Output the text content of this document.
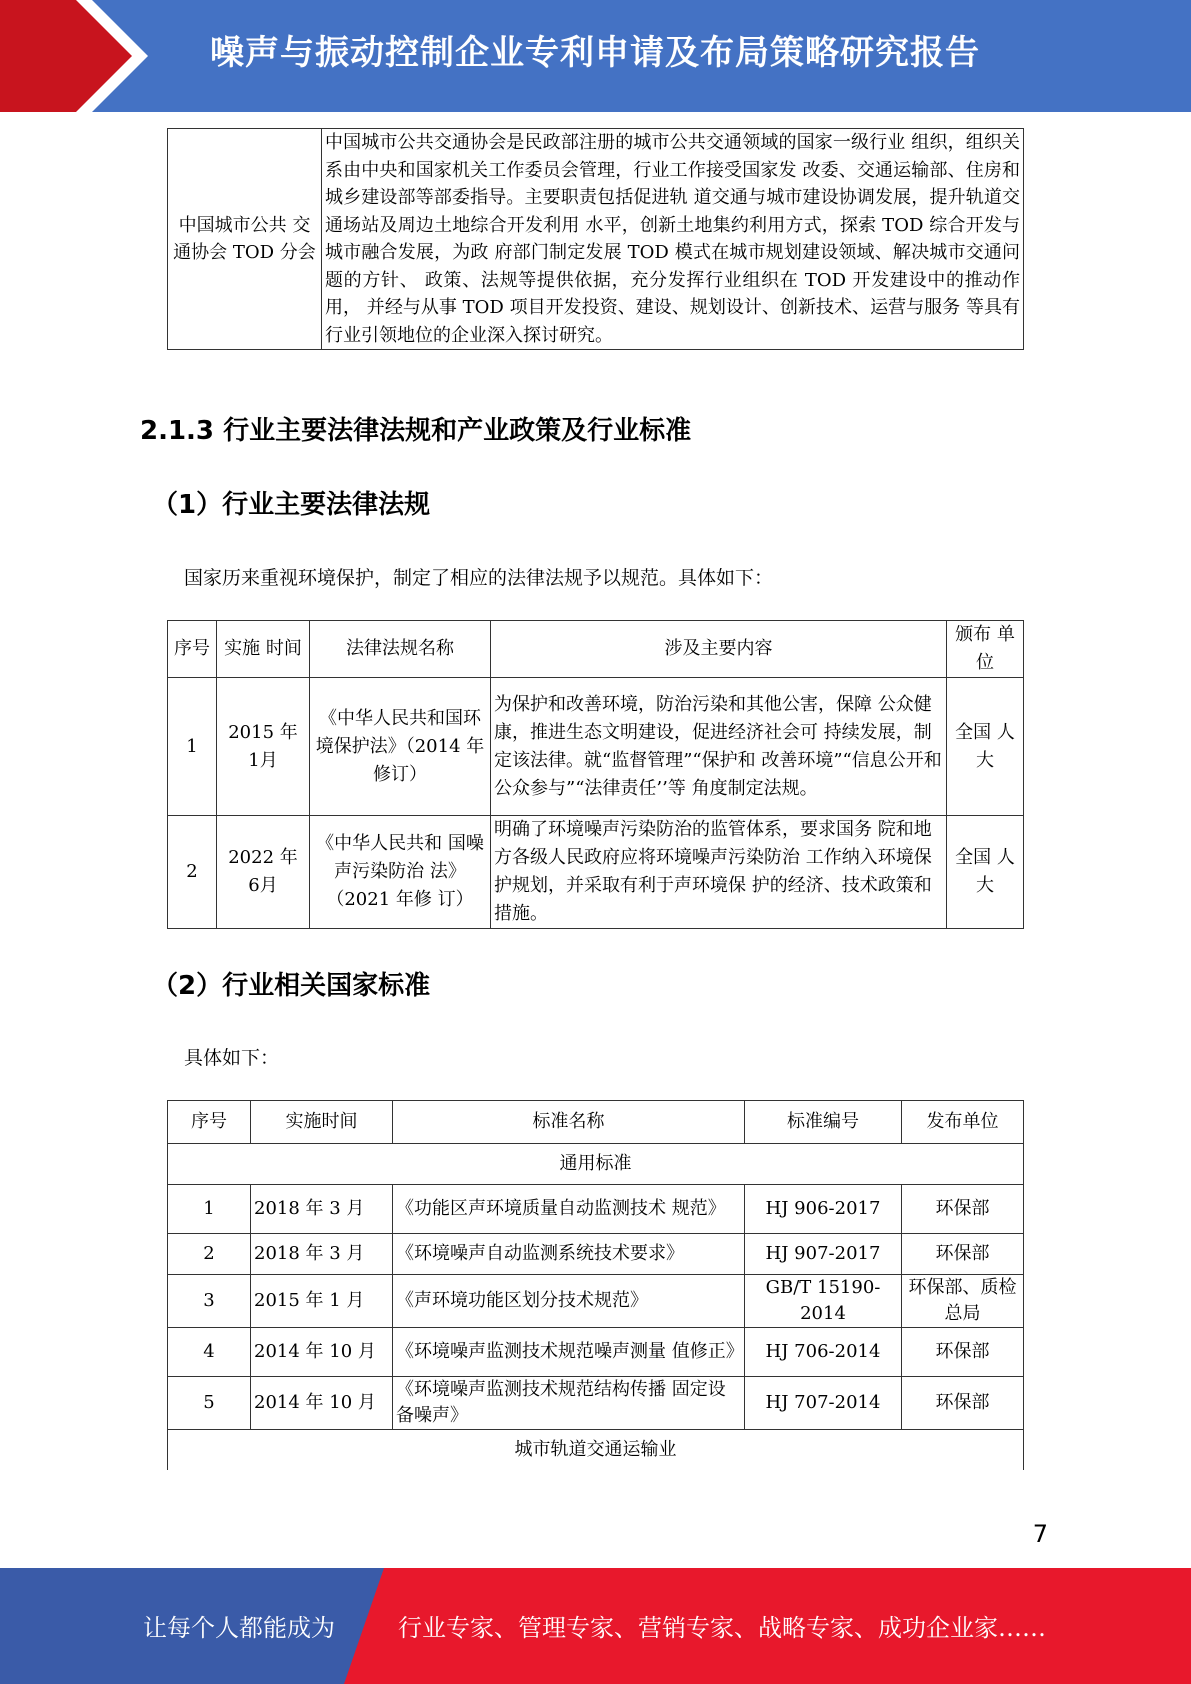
噪声与振动控制企业专利申请及布局策略研究报告
中国城市公共 交通协会 TOD 分会	中国城市公共交通协会是民政部注册的城市公共交通领域的国家一级行业 组织，组织关系由中央和国家机关工作委员会管理，行业工作接受国家发 改委、交通运输部、住房和城乡建设部等部委指导。主要职责包括促进轨 道交通与城市建设协调发展，提升轨道交通场站及周边土地综合开发利用 水平，创新土地集约利用方式，探索 TOD 综合开发与城市融合发展，为政 府部门制定发展 TOD 模式在城市规划建设领域、解决城市交通问题的方针、 政策、法规等提供依据，充分发挥行业组织在 TOD 开发建设中的推动作用， 并经与从事 TOD 项目开发投资、建设、规划设计、创新技术、运营与服务 等具有行业引领地位的企业深入探讨研究。
2.1.3 行业主要法律法规和产业政策及行业标准
（1）行业主要法律法规
国家历来重视环境保护，制定了相应的法律法规予以规范。具体如下：
序号	实施 时间	法律法规名称	涉及主要内容	颁布 单位
1	2015 年 1月	《中华人民共和国环境保护法》（2014 年修订）	为保护和改善环境，防治污染和其他公害，保障 公众健康，推进生态文明建设，促进经济社会可 持续发展，制定该法律。就“监督管理”“保护和 改善环境”“信息公开和公众参与”“法律责任’’等 角度制定法规。	全国 人大
2	2022 年 6月	《中华人民共和 国噪声污染防治 法》（2021 年修 订）	明确了环境噪声污染防治的监管体系，要求国务 院和地方各级人民政府应将环境噪声污染防治 工作纳入环境保护规划，并采取有利于声环境保 护的经济、技术政策和措施。	全国 人大
（2）行业相关国家标准
具体如下：
序号	实施时间	标准名称	标准编号	发布单位
通用标准				
1	2018 年 3 月	《功能区声环境质量自动监测技术 规范》	HJ 906-2017	环保部
2	2018 年 3 月	《环境噪声自动监测系统技术要求》	HJ 907-2017	环保部
3	2015 年 1 月	《声环境功能区划分技术规范》	GB/T 15190-2014	环保部、质检总局
4	2014 年 10 月	《环境噪声监测技术规范噪声测量 值修正》	HJ 706-2014	环保部
5	2014 年 10 月	《环境噪声监测技术规范结构传播 固定设备噪声》	HJ 707-2014	环保部
城市轨道交通运输业				
7
让每个人都能成为	行业专家、管理专家、营销专家、战略专家、成功企业家……
